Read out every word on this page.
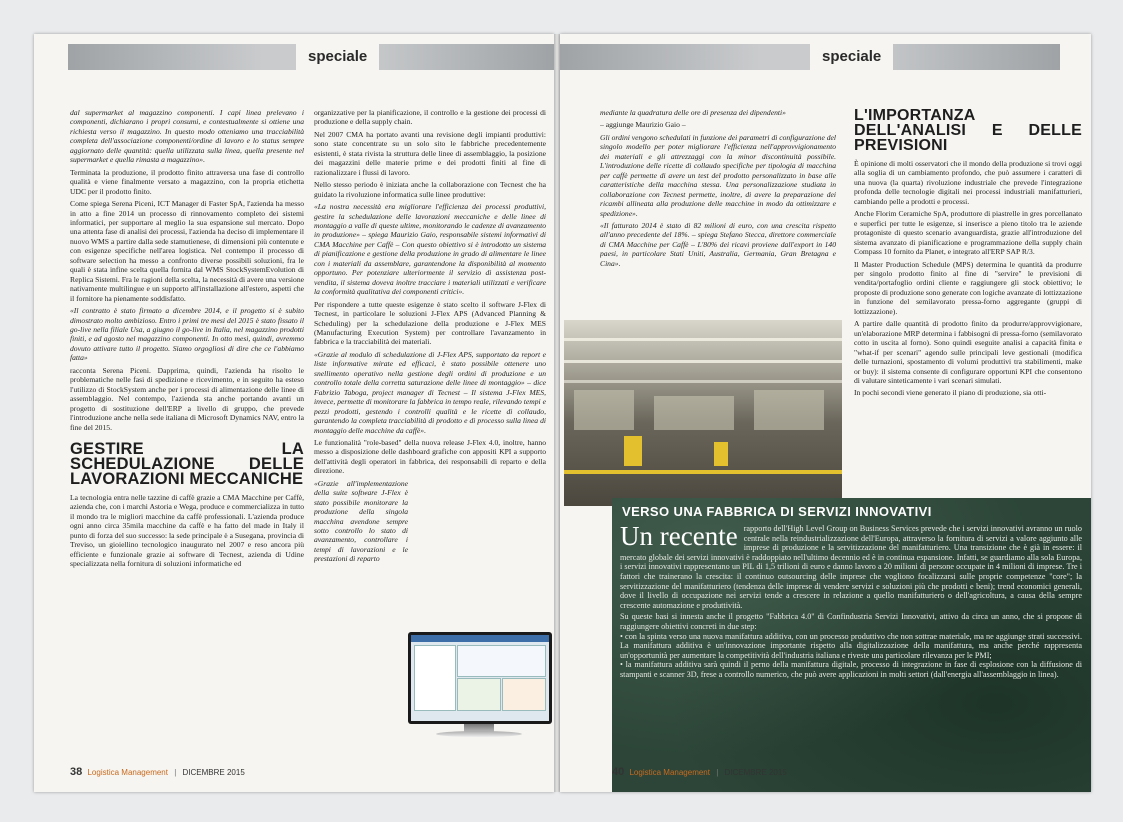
speciale

dal supermarket al magazzino componenti. I capi linea prelevano i componenti, dichiarano i propri consumi, e contestualmente si ottiene una richiesta verso il magazzino. In questo modo otteniamo una tracciabilità completa dell'associazione componenti/ordine di lavoro e lo status sempre aggiornato delle quantità: quella utilizzata sulla linea, quella presente nel supermarket e quella rimasta a magazzino».

Terminata la produzione, il prodotto finito attraversa una fase di controllo qualità e viene finalmente versato a magazzino, con la propria etichetta UDC per il prodotto finito.

Come spiega Serena Piceni, ICT Manager di Faster SpA, l'azienda ha messo in atto a fine 2014 un processo di rinnovamento completo dei sistemi informatici, per supportare al meglio la sua espansione sul mercato. Dopo una attenta fase di analisi dei processi, l'azienda ha deciso di implementare il nuovo WMS a partire dalla sede stamutienese, di dimensioni più contenute e con esigenze specifiche nell'area logistica. Nel contempo il processo di software selection ha messo a confronto diverse possibili soluzioni, fra le quali è stata infine scelta quella fornita dal WMS StockSystemEvolution di Replica Sistemi. Fra le ragioni della scelta, la necessità di avere una versione nativamente multilingue e un supporto all'installazione all'estero, aspetti che il fornitore ha pienamente soddisfatto.

«Il contratto è stato firmato a dicembre 2014, e il progetto si è subito dimostrato molto ambizioso. Entro i primi tre mesi del 2015 è stato fissato il go-live nella filiale Usa, a giugno il go-live in Italia, nel magazzino prodotti finiti, e ad agosto nel magazzino componenti. In otto mesi, quindi, avremmo dovuto attivare tutto il progetto. Siamo orgogliosi di dire che ce l'abbiamo fatta»

racconta Serena Piceni. Dapprima, quindi, l'azienda ha risolto le problematiche nelle fasi di spedizione e ricevimento, e in seguito ha esteso l'utilizzo di StockSystem anche per i processi di alimentazione delle linee di assemblaggio. Nel contempo, l'azienda sta anche portando avanti un progetto di sostituzione dell'ERP a livello di gruppo, che prevede l'introduzione anche nella sede italiana di Microsoft Dynamics NAV, entro la fine del 2015.

GESTIRE LA SCHEDULAZIONE DELLE LAVORAZIONI MECCANICHE

La tecnologia entra nelle tazzine di caffè grazie a CMA Macchine per Caffè, azienda che, con i marchi Astoria e Wega, produce e commercializza in tutto il mondo tra le migliori macchine da caffè professionali. L'azienda produce ogni anno circa 35mila macchine da caffè e ha fatto del made in Italy il punto di forza del suo successo: la sede principale è a Susegana, provincia di Treviso, un gioiellino tecnologico inaugurato nel 2007 e reso ancora più efficiente e funzionale grazie ai software di Tecnest, azienda di Udine specializzata nella fornitura di soluzioni informatiche ed

organizzative per la pianificazione, il controllo e la gestione dei processi di produzione e della supply chain.

Nel 2007 CMA ha portato avanti una revisione degli impianti produttivi: sono state concentrate su un solo sito le fabbriche precedentemente esistenti, è stata rivista la struttura delle linee di assemblaggio, la posizione dei magazzini delle materie prime e dei prodotti finiti al fine di razionalizzare i flussi di lavoro.

Nello stesso periodo è iniziata anche la collaborazione con Tecnest che ha guidato la rivoluzione informatica sulle linee produttive:

«La nostra necessità era migliorare l'efficienza dei processi produttivi, gestire la schedulazione delle lavorazioni meccaniche e delle linee di montaggio a valle di queste ultime, monitorando le cadenze di avanzamento in produzione» – spiega Maurizio Gaio, responsabile sistemi informativi di CMA Macchine per Caffè – Con questo obiettivo si è introdotto un sistema di pianificazione e gestione della produzione in grado di alimentare le linee con i materiali da assemblare, garantendone la disponibilità al momento opportuno. Per potenziare ulteriormente il servizio di assistenza post-vendita, il sistema doveva inoltre tracciare i materiali utilizzati e verificare la conformità qualitativa dei componenti critici».

Per rispondere a tutte queste esigenze è stato scelto il software J-Flex di Tecnest, in particolare le soluzioni J-Flex APS (Advanced Planning & Scheduling) per la schedulazione della produzione e J-Flex MES (Manufacturing Execution System) per controllare l'avanzamento in fabbrica e la tracciabilità dei materiali.

«Grazie al modulo di schedulazione di J-Flex APS, supportato da report e liste informative mirate ed efficaci, è stato possibile ottenere uno snellimento operativo nella gestione degli ordini di produzione e un controllo totale della corretta saturazione delle linee di montaggio» – dice Fabrizio Taboga, project manager di Tecnest – Il sistema J-Flex MES, invece, permette di monitorare la fabbrica in tempo reale, rilevando tempi e pezzi prodotti, gestendo i controlli qualità e le ricette di collaudo, garantendo la completa tracciabilità di prodotto e di processo sulla linea di montaggio delle macchine da caffè».

Le funzionalità "role-based" della nuova release J-Flex 4.0, inoltre, hanno messo a disposizione delle dashboard grafiche con appositi KPI a supporto dell'attività degli operatori in fabbrica, dei responsabili di reparto e della direzione.

«Grazie all'implementazione della suite software J-Flex è stato possibile monitorare la produzione della singola macchina avendone sempre sotto controllo lo stato di avanzamento, controllare i tempi di lavorazioni e le prestazioni di reparto

38 Logistica Management | DICEMBRE 2015
speciale

mediante la quadratura delle ore di presenza dei dipendenti»

– aggiunge Maurizio Gaio –

Gli ordini vengono schedulati in funzione dei parametri di configurazione del singolo modello per poter migliorare l'efficienza nell'approvvigionamento dei materiali e gli attrezzaggi con la minor discontinuità possibile. L'introduzione delle ricette di collaudo specifiche per tipologia di macchina per caffè permette di avere un test del prodotto personalizzato in base alle caratteristiche della macchina stessa. Una personalizzazione studiata in collaborazione con Tecnest permette, inoltre, di avere la preparazione dei ricambi allineata alla produzione delle macchine in modo da ottimizzare e spedizione».

«Il fatturato 2014 è stato di 82 milioni di euro, con una crescita rispetto all'anno precedente del 18%. – spiega Stefano Stecca, direttore commerciale di CMA Macchine per Caffè – L'80% dei ricavi proviene dall'export in 140 paesi, in particolare Stati Uniti, Australia, Germania, Gran Bretagna e Cina».

L'IMPORTANZA DELL'ANALISI E DELLE PREVISIONI

È opinione di molti osservatori che il mondo della produzione si trovi oggi alla soglia di un cambiamento profondo, che può assumere i caratteri di una nuova (la quarta) rivoluzione industriale che prevede l'integrazione profonda delle tecnologie digitali nei processi industriali manifatturieri, cambiando pelle a prodotti e processi.

Anche Florim Ceramiche SpA, produttore di piastrelle in gres porcellanato e superfici per tutte le esigenze, si inserisce a pieno titolo tra le aziende protagoniste di questo scenario avanguardista, grazie all'introduzione del sistema avanzato di pianificazione e programmazione della supply chain Compass 10 fornito da Planet, e integrato all'ERP SAP R/3.

Il Master Production Schedule (MPS) determina le quantità da produrre per singolo prodotto finito al fine di "servire" le previsioni di vendita/portafoglio ordini cliente e raggiungere gli stock obiettivo; le proposte di produzione sono generate con logiche avanzate di lottizzazione in funzione del semilavorato pressa-forno aggregante (gruppi di lottizzazione).

A partire dalle quantità di prodotto finito da produrre/approvvigionare, un'elaborazione MRP determina i fabbisogni di pressa-forno (semilavorato cotto in uscita al forno). Sono quindi eseguite analisi a capacità finita e "what-if per scenari" agendo sulle principali leve gestionali (modifica delle turnazioni, spostamento di volumi produttivi tra stabilimenti, make or buy): il sistema consente di configurare opportuni KPI che consentono di valutare sinteticamente i vari scenari simulati.

In pochi secondi viene generato il piano di produzione, sia otti-

VERSO UNA FABBRICA DI SERVIZI INNOVATIVI
Un recente rapporto dell'High Level Group on Business Services prevede che i servizi innovativi avranno un ruolo centrale nella reindustrializzazione dell'Europa, attraverso la fornitura di servizi a valore aggiunto alle imprese di produzione e la servitizzazione del manifatturiero. Una transizione che è già in essere: il mercato globale dei servizi innovativi è raddoppiato nell'ultimo decennio ed è in continua espansione. Infatti, se guardiamo alla sola Europa, i servizi innovativi rappresentano un PIL di 1,5 trilioni di euro e danno lavoro a 20 milioni di persone occupate in 4 milioni di imprese. Tre i fattori che trainerano la crescita: il continuo outsourcing delle imprese che vogliono focalizzarsi sulle proprie competenze "core"; la servitizzazione del manifatturiero (tendenza delle imprese di vendere servizi e soluzioni più che prodotti e beni); trend economici generali, dove il livello di occupazione nei servizi tende a crescere in relazione a quello manifatturiero o dell'agricoltura, a causa della sempre crescente automazione e produttività.
Su queste basi si innesta anche il progetto "Fabbrica 4.0" di Confindustria Servizi Innovativi, attivo da circa un anno, che si propone di raggiungere obiettivi concreti in due step:
• con la spinta verso una nuova manifattura additiva, con un processo produttivo che non sottrae materiale, ma ne aggiunge strati successivi. La manifattura additiva è un'innovazione importante rispetto alla digitalizzazione della manifattura, ma anche perché rappresenta un'opportunità per aumentare la competitività dell'industria italiana e riveste una particolare rilevanza per le PMI;
• la manifattura additiva sarà quindi il perno della manifattura digitale, processo di integrazione in fase di esplosione con la diffusione di stampanti e scanner 3D, frese a controllo numerico, che può avere applicazioni in molti settori (dall'energia all'assemblaggio in linea).
40 Logistica Management | DICEMBRE 2015
